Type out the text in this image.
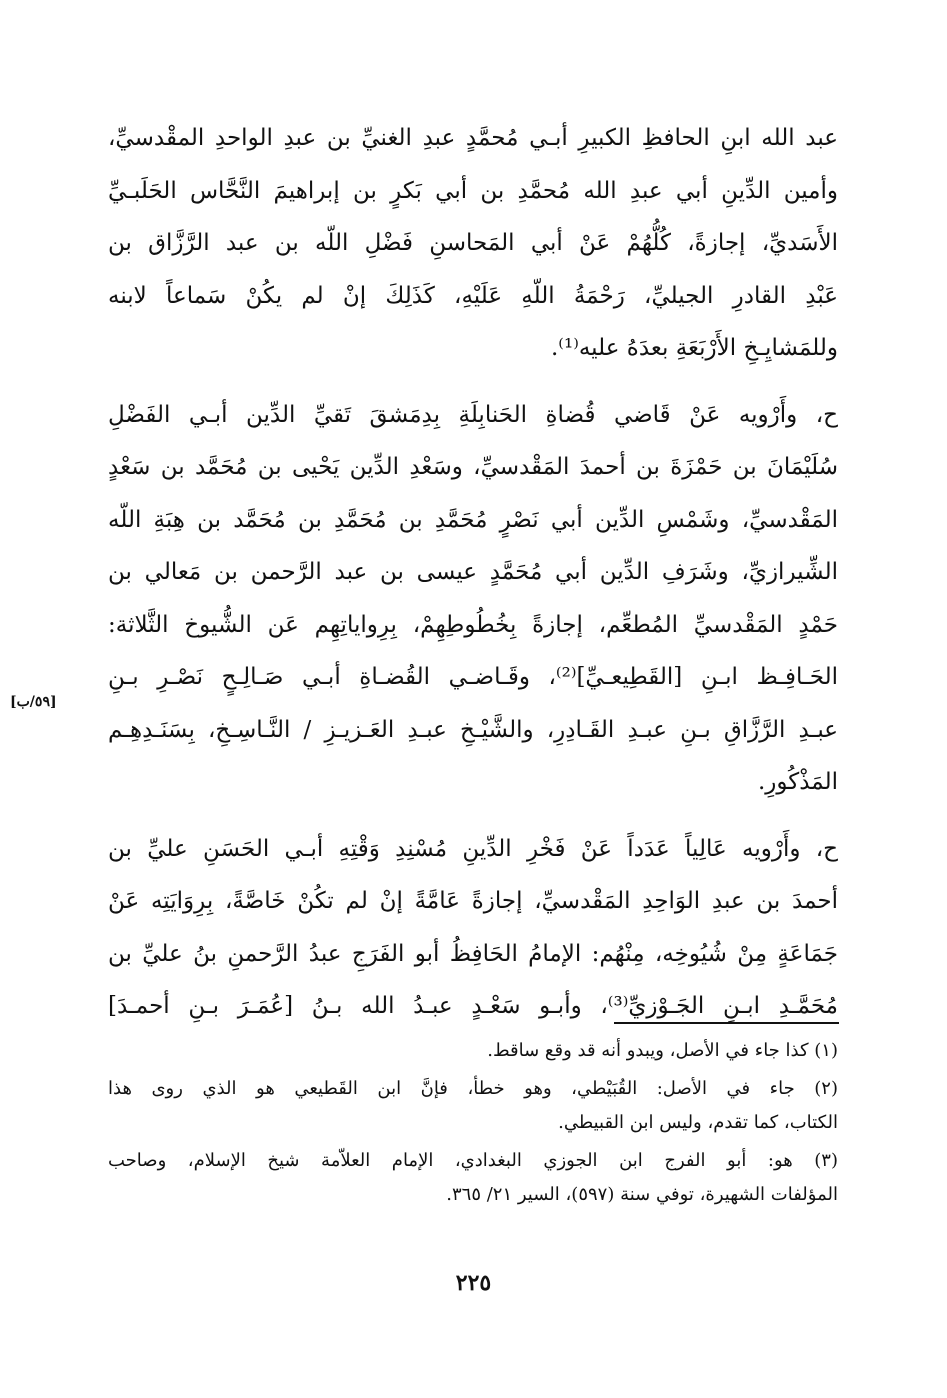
عبد الله ابنِ الحافظِ الكبيرِ أبـي مُحمَّدٍ عبدِ الغنيِّ بن عبدِ الواحدِ المقْدسيِّ،
وأمين الدِّينِ أبي عبدِ الله مُحمَّدِ بن أبي بَكرٍ بن إبراهيمَ النَّحَّاس الحَلَبـيِّ
الأَسَديِّ، إجازةً، كُلُّهُمْ عَنْ أبي المَحاسنِ فَضْلِ اللّه بن عبد الرَّزَّاق بن
عَبْدِ القادرِ الجيليِّ، رَحْمَةُ اللّهِ عَلَيْهِ، كَذَلِكَ إنْ لم يكُنْ سَماعاً لابنه
وللمَشايِـخِ الأَرْبَعَةِ بعدَهُ عليه⁽¹⁾.
ح، وأَرْويه عَنْ قَاضي قُضاةِ الحَنابِلَةِ بِدِمَشقَ تَقيِّ الدِّين أبـي الفَضْلِ
سُلَيْمَانَ بن حَمْزَةَ بن أحمدَ المَقْدسيِّ، وسَعْدِ الدِّين يَحْيى بن مُحَمَّد بن سَعْدٍ
المَقْدسيِّ، وشَمْسِ الدِّين أبي نَصْرٍ مُحَمَّدِ بن مُحَمَّدِ بن مُحَمَّد بن هِبَةِ اللّه
الشِّيرازيِّ، وشَرَفِ الدِّين أبي مُحَمَّدٍ عيسى بن عبد الرَّحمن بن مَعالي بن
حَمْدٍ المَقْدسيِّ المُطعِّم، إجازةً بِخُطُوطِهِمْ، بِرِواياتِهِم عَن الشُّيوخ الثَّلاثة:
الحَـافِـظ ابـنِ [القَطِيعـيِّ]⁽²⁾، وقَـاضـي القُضـاةِ أبـي صَـالِـحٍ نَصْـرِ بـنِ
عبـدِ الرَّزَّاقِ بـنِ عبـدِ القَـادِرِ، والشَّيْـخِ عبـدِ العَـزيـزِ / النَّـاسِـخِ، بِسَنَـدِهِـم
المَذْكُورِ.
ح، وأَرْويه عَالِياً عَدَداً عَنْ فَخْرِ الدِّينِ مُسْنِدِ وَقْتِهِ أبـي الحَسَنِ عليِّ بن
أحمدَ بن عبدِ الوَاحِدِ المَقْدسيِّ، إجازةً عَامَّةً إنْ لم تكُنْ خَاصَّةً، بِرِوَايَتِه عَنْ
جَمَاعَةٍ مِنْ شُيُوخِه، مِنْهُم: الإمامُ الحَافِظُ أبو الفَرَجِ عبدُ الرَّحمنِ بنُ عليِّ بن
مُحَمَّـدِ ابـنِ الجَـوْزيِّ⁽³⁾، وأبـو سَعْـدٍ عبـدُ الله بـنُ [عُمَـرَ بـنِ أحمـدَ]
[٥٩/ب]
(١) كذا جاء في الأصل، ويبدو أنه قد وقع ساقط.
(٢) جاء في الأصل: القُبَيْطي، وهو خطأ، فإنَّ ابن القَطيعي هو الذي روى هذا
الكتاب، كما تقدم، وليس ابن القبيطي.
(٣) هو: أبو الفرج ابن الجوزي البغدادي، الإمام العلاّمة شيخ الإسلام، وصاحب
المؤلفات الشهيرة، توفي سنة (٥٩٧)، السير ٢١/ ٣٦٥.
٢٢٥
